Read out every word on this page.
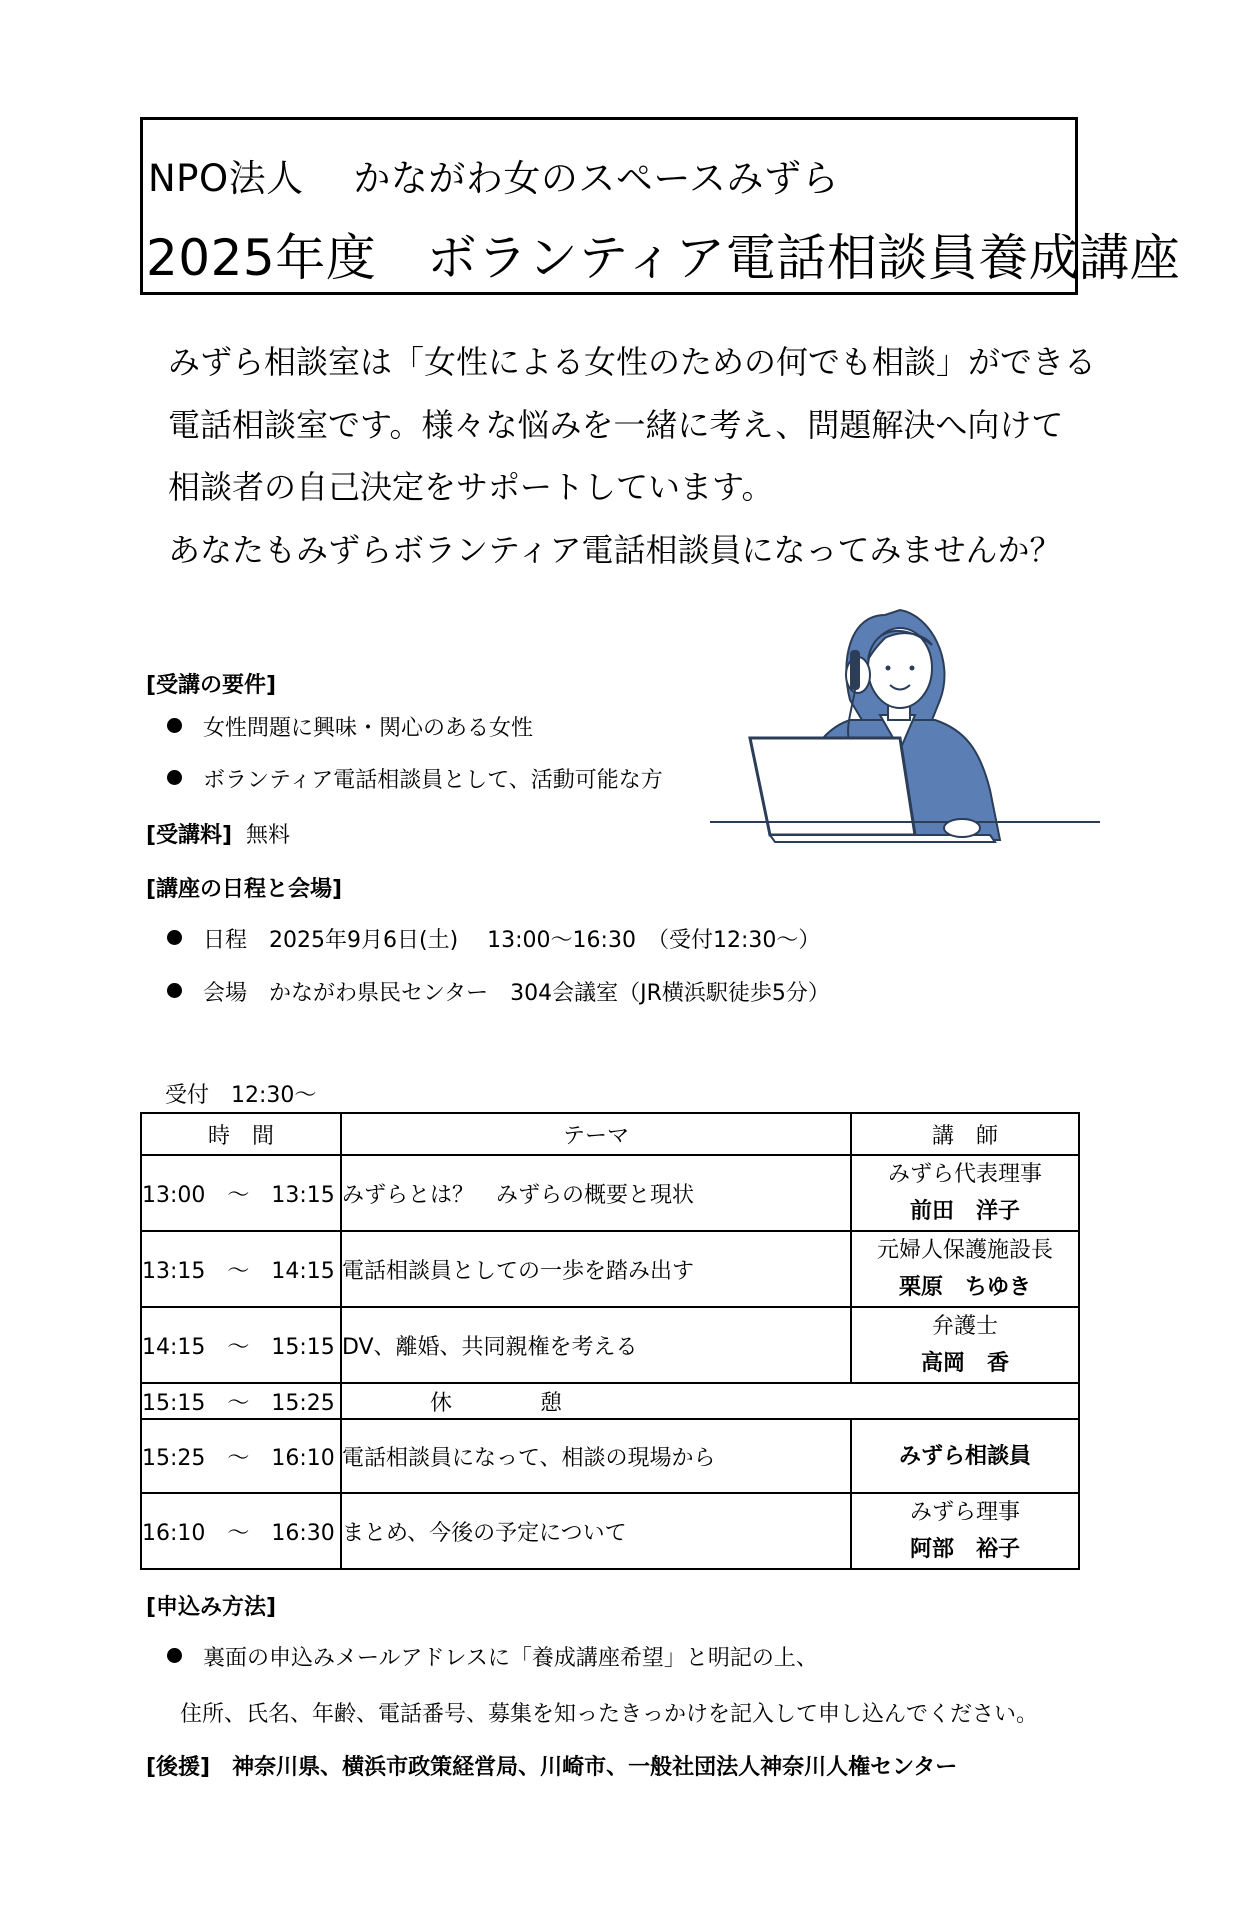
NPO法人　 かながわ女のスペースみずら
2025年度　ボランティア電話相談員養成講座
みずら相談室は「女性による女性のための何でも相談」ができる
電話相談室です。様々な悩みを一緒に考え、問題解決へ向けて
相談者の自己決定をサポートしています。
あなたもみずらボランティア電話相談員になってみませんか？
[受講の要件]
女性問題に興味・関心のある女性
ボランティア電話相談員として、活動可能な方
[受講料] 無料
[講座の日程と会場]
日程　2025年9月6日(土)　 13:00～16:30　（受付12:30～）
会場　かながわ県民センター　304会議室（JR横浜駅徒歩5分）
受付　12:30～
時　間	テーマ	講　師
13:00　～　13:15	みずらとは？　みずらの概要と現状	みずら代表理事
前田　洋子

13:15　～　14:15	電話相談員としての一歩を踏み出す	元婦人保護施設長
栗原　ちゆき

14:15　～　15:15	DV、離婚、共同親権を考える	弁護士
高岡　香

15:15　～　15:25	　　　　休　　　　憩	
15:25　～　16:10	電話相談員になって、相談の現場から	みずら相談員

16:10　～　16:30	まとめ、今後の予定について	みずら理事
阿部　裕子
[申込み方法]
裏面の申込みメールアドレスに「養成講座希望」と明記の上、
住所、氏名、年齢、電話番号、募集を知ったきっかけを記入して申し込んでください。
[後援]　神奈川県、横浜市政策経営局、川崎市、一般社団法人神奈川人権センター
